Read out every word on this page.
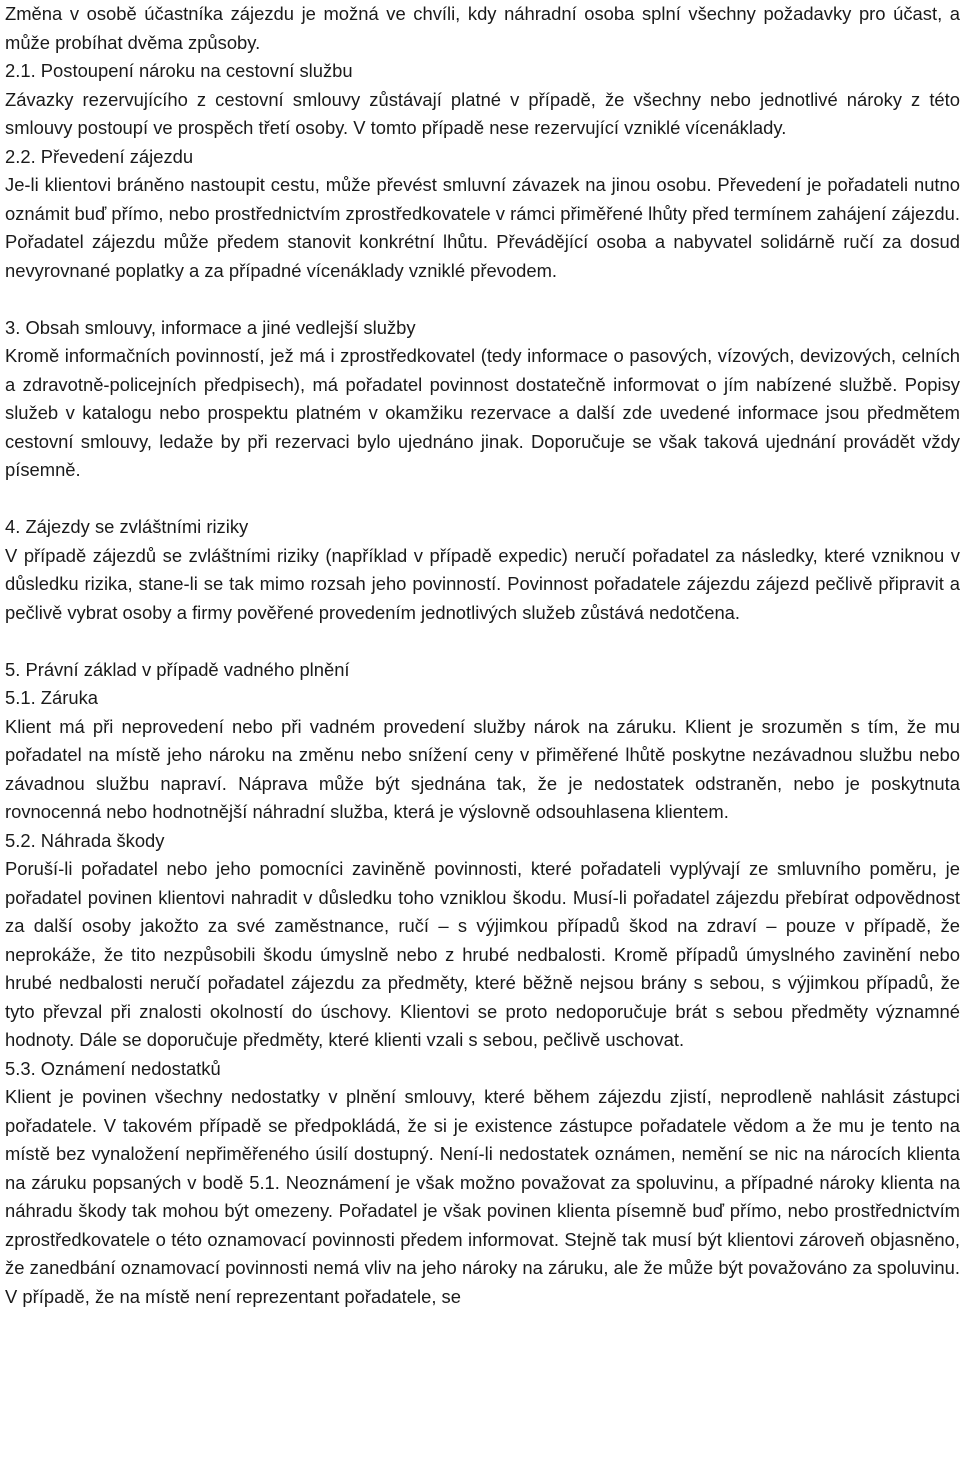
Změna v osobě účastníka zájezdu je možná ve chvíli, kdy náhradní osoba splní všechny požadavky pro účast, a může probíhat dvěma způsoby.

2.1. Postoupení nároku na cestovní službu

Závazky rezervujícího z cestovní smlouvy zůstávají platné v případě, že všechny nebo jednotlivé nároky z této smlouvy postoupí ve prospěch třetí osoby. V tomto případě nese rezervující vzniklé vícenáklady.

2.2. Převedení zájezdu

Je-li klientovi bráněno nastoupit cestu, může převést smluvní závazek na jinou osobu. Převedení je pořadateli nutno oznámit buď přímo, nebo prostřednictvím zprostředkovatele v rámci přiměřené lhůty před termínem zahájení zájezdu. Pořadatel zájezdu může předem stanovit konkrétní lhůtu. Převádějící osoba a nabyvatel solidárně ručí za dosud nevyrovnané poplatky a za případné vícenáklady vzniklé převodem.

3. Obsah smlouvy, informace a jiné vedlejší služby

Kromě informačních povinností, jež má i zprostředkovatel (tedy informace o pasových, vízových, devizových, celních a zdravotně-policejních předpisech), má pořadatel povinnost dostatečně informovat o jím nabízené službě. Popisy služeb v katalogu nebo prospektu platném v okamžiku rezervace a další zde uvedené informace jsou předmětem cestovní smlouvy, ledaže by při rezervaci bylo ujednáno jinak. Doporučuje se však taková ujednání provádět vždy písemně.

4. Zájezdy se zvláštními riziky

V případě zájezdů se zvláštními riziky (například v případě expedic) neručí pořadatel za následky, které vzniknou v důsledku rizika, stane-li se tak mimo rozsah jeho povinností. Povinnost pořadatele zájezdu zájezd pečlivě připravit a pečlivě vybrat osoby a firmy pověřené provedením jednotlivých služeb zůstává nedotčena.

5. Právní základ v případě vadného plnění

5.1. Záruka

Klient má při neprovedení nebo při vadném provedení služby nárok na záruku. Klient je srozuměn s tím, že mu pořadatel na místě jeho nároku na změnu nebo snížení ceny v přiměřené lhůtě poskytne nezávadnou službu nebo závadnou službu napraví. Náprava může být sjednána tak, že je nedostatek odstraněn, nebo je poskytnuta rovnocenná nebo hodnotnější náhradní služba, která je výslovně odsouhlasena klientem.

5.2. Náhrada škody

Poruší-li pořadatel nebo jeho pomocníci zaviněně povinnosti, které pořadateli vyplývají ze smluvního poměru, je pořadatel povinen klientovi nahradit v důsledku toho vzniklou škodu. Musí-li pořadatel zájezdu přebírat odpovědnost za další osoby jakožto za své zaměstnance, ručí – s výjimkou případů škod na zdraví – pouze v případě, že neprokáže, že tito nezpůsobili škodu úmyslně nebo z hrubé nedbalosti. Kromě případů úmyslného zavinění nebo hrubé nedbalosti neručí pořadatel zájezdu za předměty, které běžně nejsou brány s sebou, s výjimkou případů, že tyto převzal při znalosti okolností do úschovy. Klientovi se proto nedoporučuje brát s sebou předměty významné hodnoty. Dále se doporučuje předměty, které klienti vzali s sebou, pečlivě uschovat.

5.3. Oznámení nedostatků

Klient je povinen všechny nedostatky v plnění smlouvy, které během zájezdu zjistí, neprodleně nahlásit zástupci pořadatele. V takovém případě se předpokládá, že si je existence zástupce pořadatele vědom a že mu je tento na místě bez vynaložení nepřiměřeného úsilí dostupný. Není-li nedostatek oznámen, nemění se nic na nárocích klienta na záruku popsaných v bodě 5.1. Neoznámení je však možno považovat za spoluvinu, a případné nároky klienta na náhradu škody tak mohou být omezeny. Pořadatel je však povinen klienta písemně buď přímo, nebo prostřednictvím zprostředkovatele o této oznamovací povinnosti předem informovat. Stejně tak musí být klientovi zároveň objasněno, že zanedbání oznamovací povinnosti nemá vliv na jeho nároky na záruku, ale že může být považováno za spoluvinu. V případě, že na místě není reprezentant pořadatele, se
